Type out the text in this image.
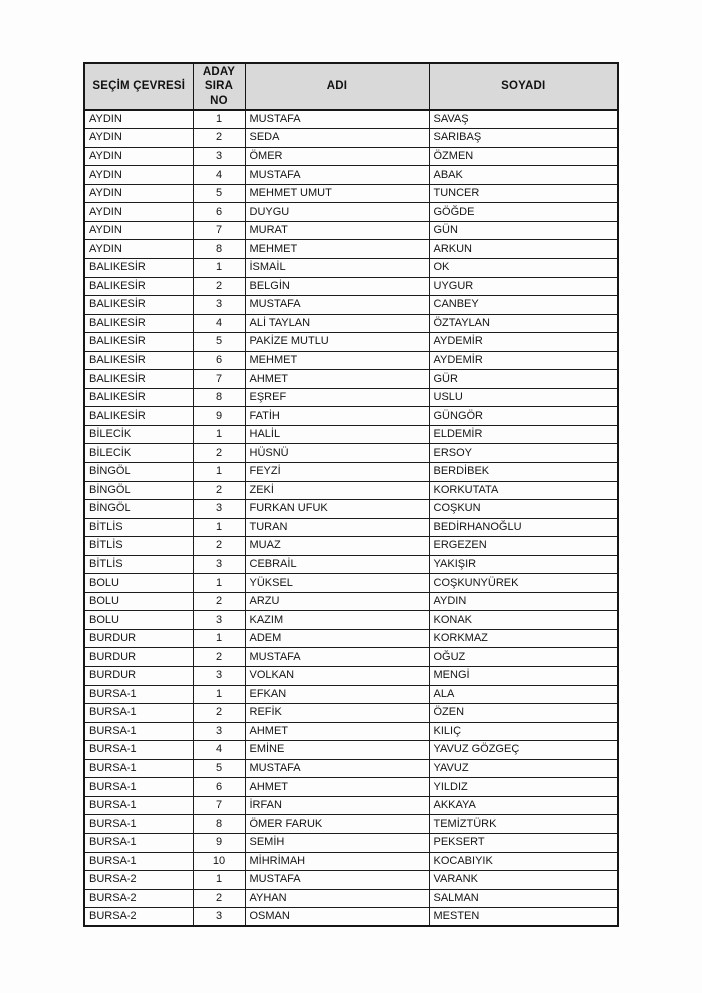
SEÇİM ÇEVRESİ	ADAY SIRA NO	ADI	SOYADI
AYDIN	1	MUSTAFA	SAVAŞ
AYDIN	2	SEDA	SARIBAŞ
AYDIN	3	ÖMER	ÖZMEN
AYDIN	4	MUSTAFA	ABAK
AYDIN	5	MEHMET UMUT	TUNCER
AYDIN	6	DUYGU	GÖĞDE
AYDIN	7	MURAT	GÜN
AYDIN	8	MEHMET	ARKUN
BALIKESİR	1	İSMAİL	OK
BALIKESİR	2	BELGİN	UYGUR
BALIKESİR	3	MUSTAFA	CANBEY
BALIKESİR	4	ALİ TAYLAN	ÖZTAYLAN
BALIKESİR	5	PAKİZE MUTLU	AYDEMİR
BALIKESİR	6	MEHMET	AYDEMİR
BALIKESİR	7	AHMET	GÜR
BALIKESİR	8	EŞREF	USLU
BALIKESİR	9	FATİH	GÜNGÖR
BİLECİK	1	HALİL	ELDEMİR
BİLECİK	2	HÜSNÜ	ERSOY
BİNGÖL	1	FEYZİ	BERDİBEK
BİNGÖL	2	ZEKİ	KORKUTATA
BİNGÖL	3	FURKAN UFUK	COŞKUN
BİTLİS	1	TURAN	BEDİRHANOĞLU
BİTLİS	2	MUAZ	ERGEZEN
BİTLİS	3	CEBRAİL	YAKIŞIR
BOLU	1	YÜKSEL	COŞKUNYÜREK
BOLU	2	ARZU	AYDIN
BOLU	3	KAZIM	KONAK
BURDUR	1	ADEM	KORKMAZ
BURDUR	2	MUSTAFA	OĞUZ
BURDUR	3	VOLKAN	MENGİ
BURSA-1	1	EFKAN	ALA
BURSA-1	2	REFİK	ÖZEN
BURSA-1	3	AHMET	KILIÇ
BURSA-1	4	EMİNE	YAVUZ GÖZGEÇ
BURSA-1	5	MUSTAFA	YAVUZ
BURSA-1	6	AHMET	YILDIZ
BURSA-1	7	İRFAN	AKKAYA
BURSA-1	8	ÖMER FARUK	TEMİZTÜRK
BURSA-1	9	SEMİH	PEKSERT
BURSA-1	10	MİHRİMAH	KOCABIYIK
BURSA-2	1	MUSTAFA	VARANK
BURSA-2	2	AYHAN	SALMAN
BURSA-2	3	OSMAN	MESTEN
